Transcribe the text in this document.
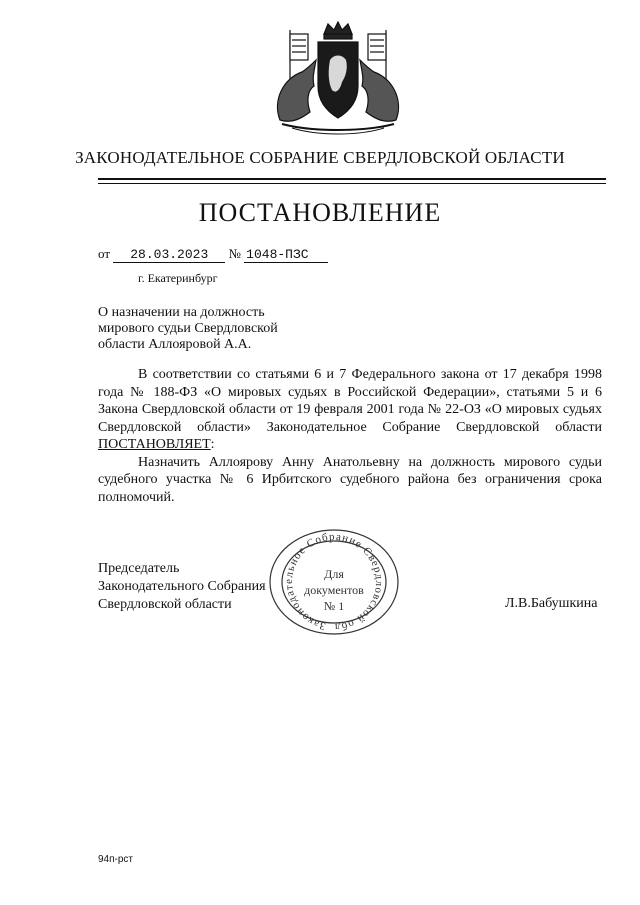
ЗАКОНОДАТЕЛЬНОЕ СОБРАНИЕ СВЕРДЛОВСКОЙ ОБЛАСТИ
ПОСТАНОВЛЕНИЕ
от 28.03.2023 № 1048-ПЗС
г. Екатеринбург
О назначении на должность
мирового судьи Свердловской
области Аллояровой А.А.

В соответствии со статьями 6 и 7 Федерального закона от 17 декабря 1998 года № 188-ФЗ «О мировых судьях в Российской Федерации», статьями 5 и 6 Закона Свердловской области от 19 февраля 2001 года № 22-ОЗ «О мировых судьях Свердловской области» Законодательное Собрание Свердловской области ПОСТАНОВЛЯЕТ:

Назначить Аллоярову Анну Анатольевну на должность мирового судьи судебного участка № 6 Ирбитского судебного района без ограничения срока полномочий.

Председатель
Законодательного Собрания
Свердловской области
Законодательное Собрание Свердловской обл
Для
документов
№ 1	Л.В.Бабушкина
94п-рст
